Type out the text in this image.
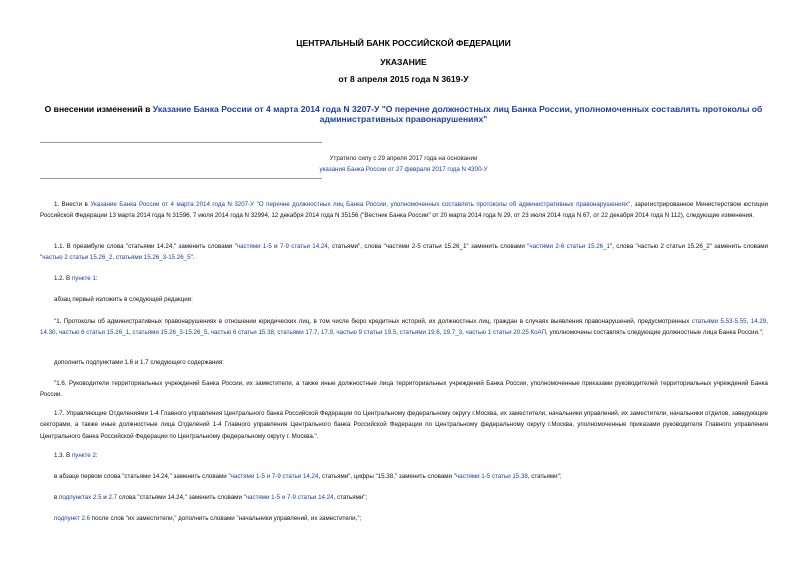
ЦЕНТРАЛЬНЫЙ БАНК РОССИЙСКОЙ ФЕДЕРАЦИИ
УКАЗАНИЕ
от 8 апреля 2015 года N 3619-У
О внесении изменений в Указание Банка России от 4 марта 2014 года N 3207-У "О перечне должностных лиц Банка России, уполномоченных составлять протоколы об административных правонарушениях"
Утратило силу с 29 апреля 2017 года на основании
указания Банка России от 27 февраля 2017 года N 4300-У
1. Внести в Указание Банка России от 4 марта 2014 года N 3207-У "О перечне должностных лиц Банка России, уполномоченных составлять протоколы об административных правонарушениях", зарегистрированное Министерством юстиции Российской Федерации 13 марта 2014 года N 31596, 7 июля 2014 года N 32994, 12 декабря 2014 года N 35156 ("Вестник Банка России" от 20 марта 2014 года N 29, от 23 июля 2014 года N 67, от 22 декабря 2014 года N 112), следующие изменения.
1.1. В преамбуле слова "статьями 14.24," заменить словами "частями 1-5 и 7-9 статьи 14.24, статьями", слова "частями 2-5 статьи 15.26_1" заменить словами "частями 2-6 статьи 15.26_1", слова "частью 2 статьи 15.26_2" заменить словами "частью 2 статьи 15.26_2, статьями 15.26_3-15.26_5".
1.2. В пункте 1:
абзац первый изложить в следующей редакции:
"1. Протоколы об административных правонарушениях в отношении юридических лиц, в том числе бюро кредитных историй, их должностных лиц, граждан в случаях выявления правонарушений, предусмотренных статьями 5.53-5.55, 14.29, 14.30, частью 6 статьи 15.26_1, статьями 15.26_3-15.26_5, частью 6 статьи 15.38, статьями 17.7, 17.9, частью 9 статьи 19.5, статьями 19.6, 19.7_3, частью 1 статьи 20.25 КоАП, уполномочены составлять следующие должностные лица Банка России.";
дополнить подпунктами 1.6 и 1.7 следующего содержания:
"1.6. Руководители территориальных учреждений Банка России, их заместители, а также иные должностные лица территориальных учреждений Банка России, уполномоченные приказами руководителей территориальных учреждений Банка России.
1.7. Управляющие Отделениями 1-4 Главного управления Центрального банка Российской Федерации по Центральному федеральному округу г.Москва, их заместители, начальники управлений, их заместители, начальники отделов, заведующие секторами, а также иные должностные лица Отделений 1-4 Главного управления Центрального банка Российской Федерации по Центральному федеральному округу г.Москва, уполномоченные приказами руководителя Главного управления Центрального банка Российской Федерации по Центральному федеральному округу г. Москва.".
1.3. В пункте 2:
в абзаце первом слова "статьями 14.24," заменить словами "частями 1-5 и 7-9 статьи 14.24, статьями", цифры "15.38," заменить словами "частями 1-5 статьи 15.38, статьями";
в подпунктах 2.5 и 2.7 слова "статьями 14.24," заменить словами "частями 1-5 и 7-9 статьи 14.24, статьями";
подпункт 2.6 после слов "их заместители," дополнить словами "начальники управлений, их заместители,";
